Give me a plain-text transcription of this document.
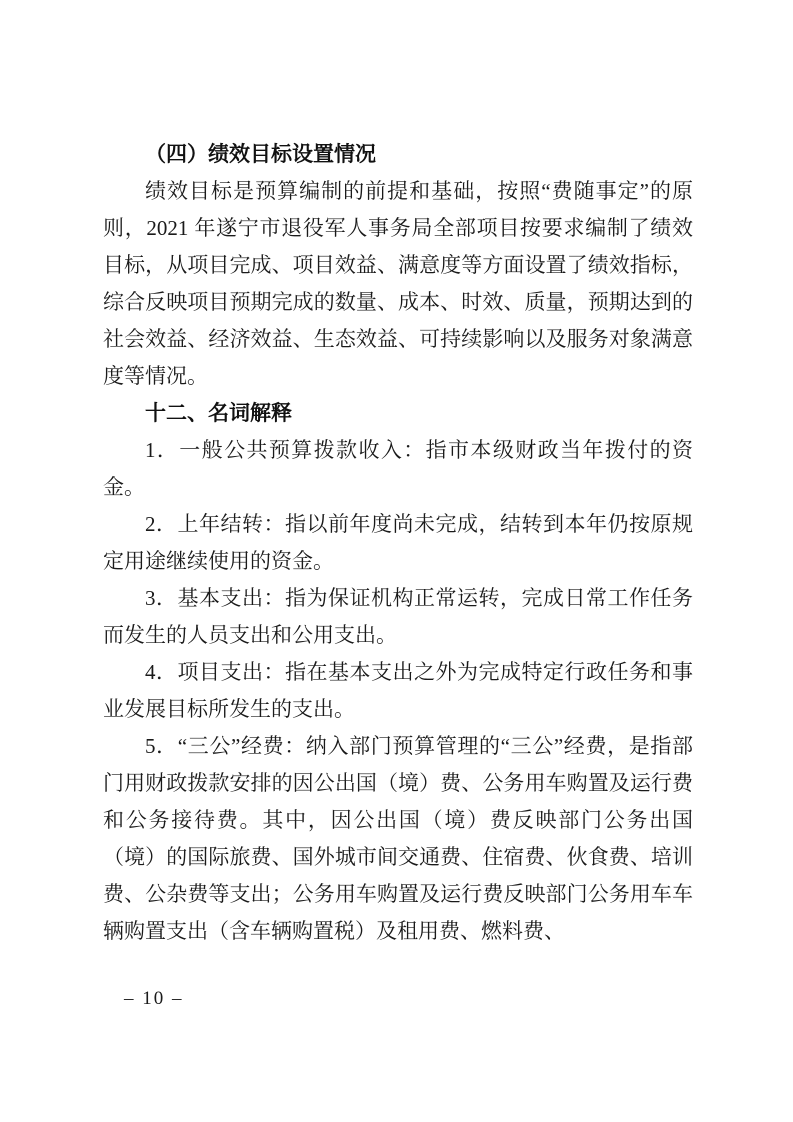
（四）绩效目标设置情况

绩效目标是预算编制的前提和基础，按照“费随事定”的原则，2021 年遂宁市退役军人事务局全部项目按要求编制了绩效目标，从项目完成、项目效益、满意度等方面设置了绩效指标，综合反映项目预期完成的数量、成本、时效、质量，预期达到的社会效益、经济效益、生态效益、可持续影响以及服务对象满意度等情况。

十二、名词解释

1．一般公共预算拨款收入：指市本级财政当年拨付的资金。

2．上年结转：指以前年度尚未完成，结转到本年仍按原规定用途继续使用的资金。

3．基本支出：指为保证机构正常运转，完成日常工作任务而发生的人员支出和公用支出。

4．项目支出：指在基本支出之外为完成特定行政任务和事业发展目标所发生的支出。

5．“三公”经费：纳入部门预算管理的“三公”经费，是指部门用财政拨款安排的因公出国（境）费、公务用车购置及运行费和公务接待费。其中，因公出国（境）费反映部门公务出国（境）的国际旅费、国外城市间交通费、住宿费、伙食费、培训费、公杂费等支出；公务用车购置及运行费反映部门公务用车车辆购置支出（含车辆购置税）及租用费、燃料费、

– 10 –
